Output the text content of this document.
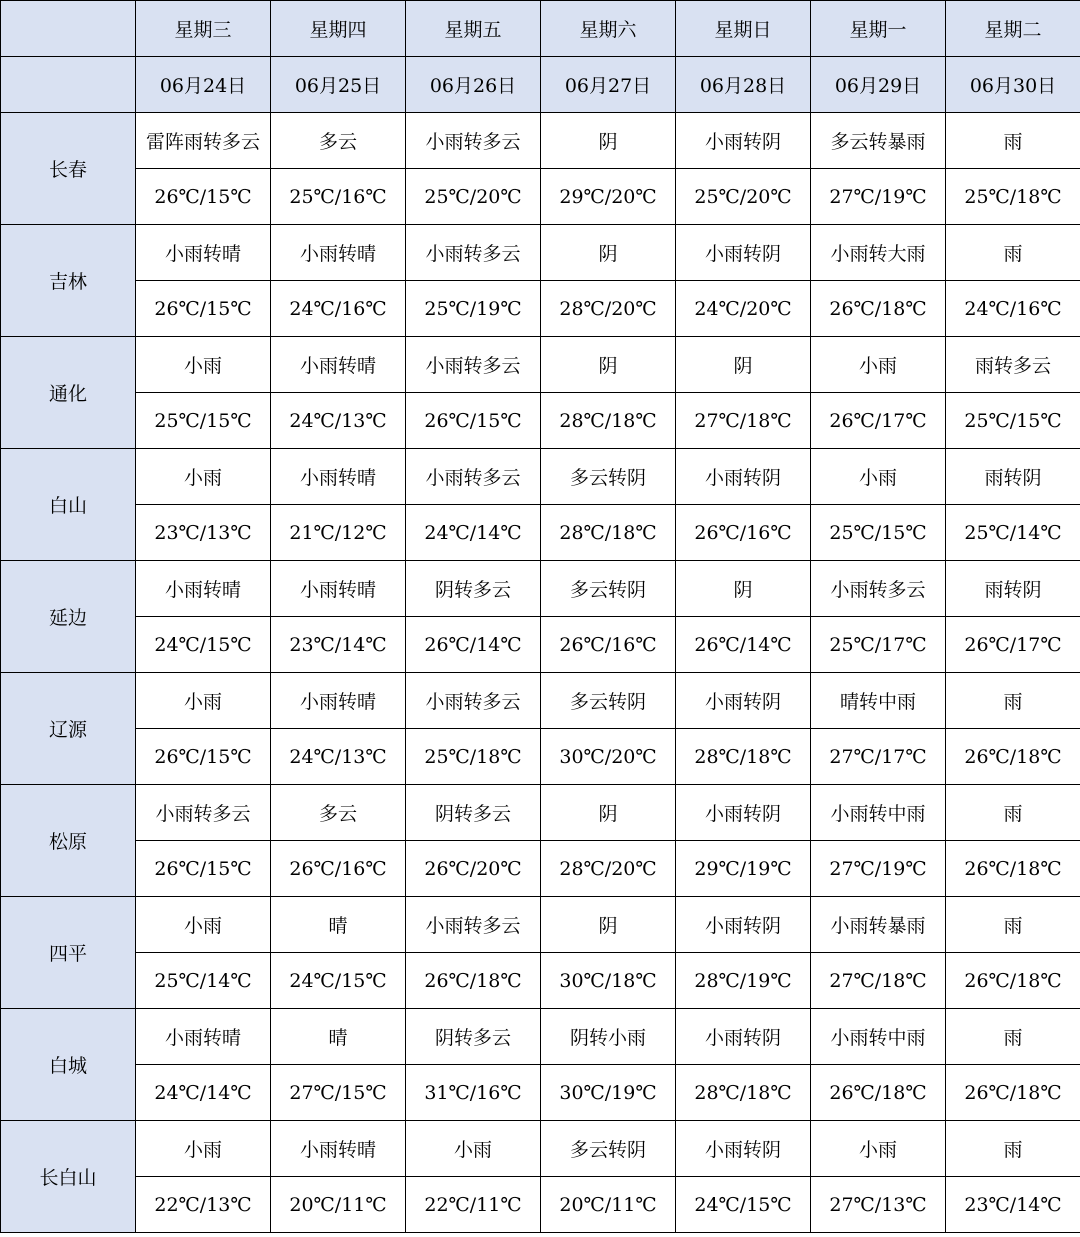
	星期三	星期四	星期五	星期六	星期日	星期一	星期二
	06月24日	06月25日	06月26日	06月27日	06月28日	06月29日	06月30日
长春	雷阵雨转多云	多云	小雨转多云	阴	小雨转阴	多云转暴雨	雨
	26℃/15℃	25℃/16℃	25℃/20℃	29℃/20℃	25℃/20℃	27℃/19℃	25℃/18℃
吉林	小雨转晴	小雨转晴	小雨转多云	阴	小雨转阴	小雨转大雨	雨
	26℃/15℃	24℃/16℃	25℃/19℃	28℃/20℃	24℃/20℃	26℃/18℃	24℃/16℃
通化	小雨	小雨转晴	小雨转多云	阴	阴	小雨	雨转多云
	25℃/15℃	24℃/13℃	26℃/15℃	28℃/18℃	27℃/18℃	26℃/17℃	25℃/15℃
白山	小雨	小雨转晴	小雨转多云	多云转阴	小雨转阴	小雨	雨转阴
	23℃/13℃	21℃/12℃	24℃/14℃	28℃/18℃	26℃/16℃	25℃/15℃	25℃/14℃
延边	小雨转晴	小雨转晴	阴转多云	多云转阴	阴	小雨转多云	雨转阴
	24℃/15℃	23℃/14℃	26℃/14℃	26℃/16℃	26℃/14℃	25℃/17℃	26℃/17℃
辽源	小雨	小雨转晴	小雨转多云	多云转阴	小雨转阴	晴转中雨	雨
	26℃/15℃	24℃/13℃	25℃/18℃	30℃/20℃	28℃/18℃	27℃/17℃	26℃/18℃
松原	小雨转多云	多云	阴转多云	阴	小雨转阴	小雨转中雨	雨
	26℃/15℃	26℃/16℃	26℃/20℃	28℃/20℃	29℃/19℃	27℃/19℃	26℃/18℃
四平	小雨	晴	小雨转多云	阴	小雨转阴	小雨转暴雨	雨
	25℃/14℃	24℃/15℃	26℃/18℃	30℃/18℃	28℃/19℃	27℃/18℃	26℃/18℃
白城	小雨转晴	晴	阴转多云	阴转小雨	小雨转阴	小雨转中雨	雨
	24℃/14℃	27℃/15℃	31℃/16℃	30℃/19℃	28℃/18℃	26℃/18℃	26℃/18℃
长白山	小雨	小雨转晴	小雨	多云转阴	小雨转阴	小雨	雨
	22℃/13℃	20℃/11℃	22℃/11℃	20℃/11℃	24℃/15℃	27℃/13℃	23℃/14℃
